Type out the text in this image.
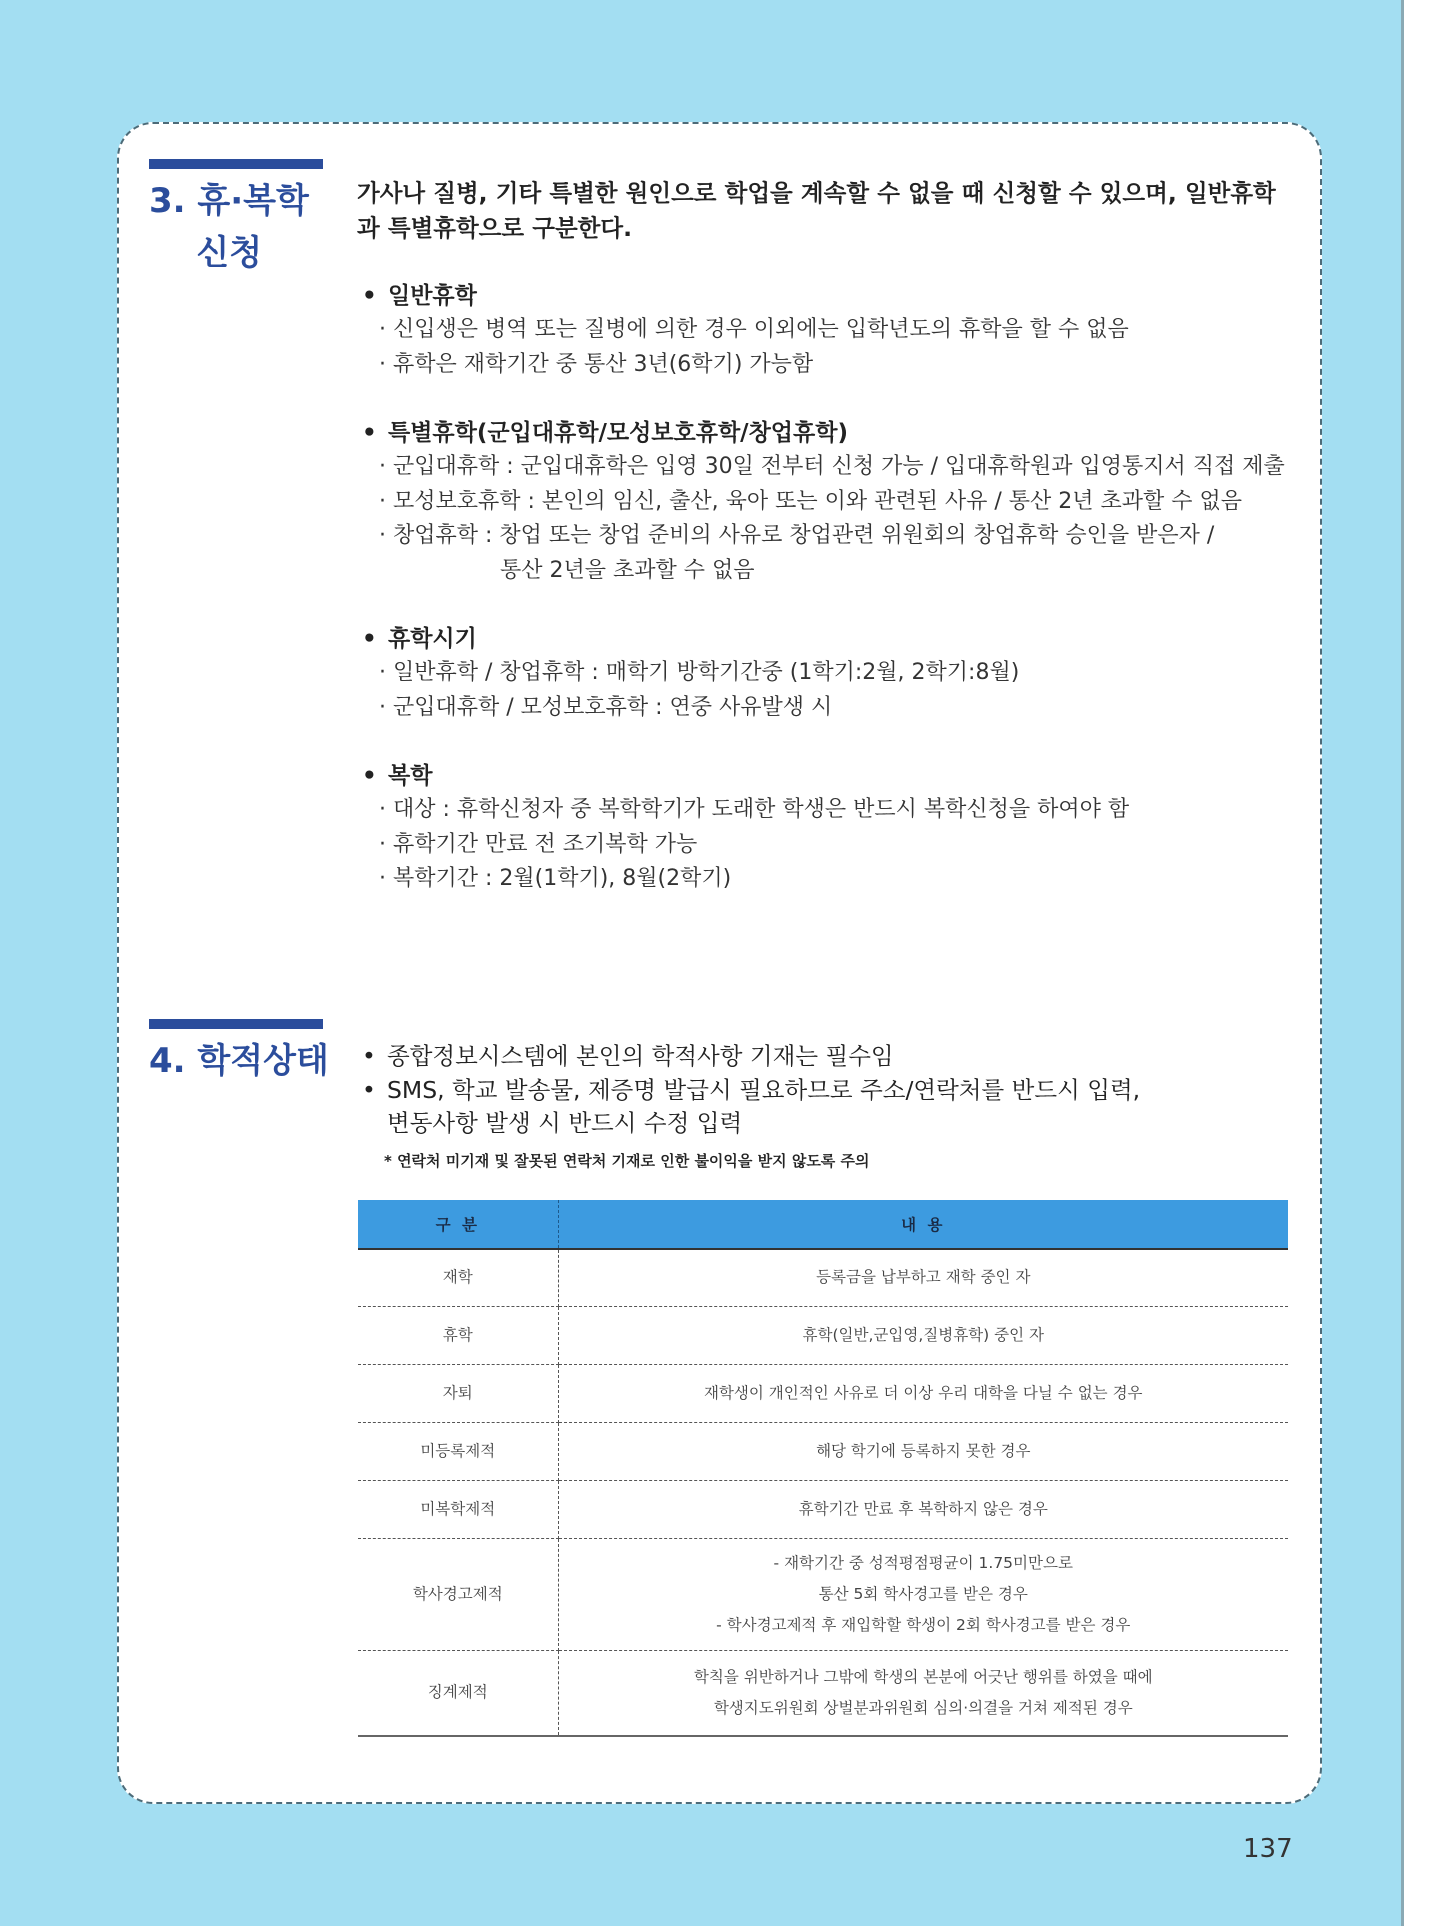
3. 휴·복학
신청
가사나 질병, 기타 특별한 원인으로 학업을 계속할 수 없을 때 신청할 수 있으며, 일반휴학과 특별휴학으로 구분한다.
• 일반휴학
· 신입생은 병역 또는 질병에 의한 경우 이외에는 입학년도의 휴학을 할 수 없음
· 휴학은 재학기간 중 통산 3년(6학기) 가능함
• 특별휴학(군입대휴학/모성보호휴학/창업휴학)
· 군입대휴학 : 군입대휴학은 입영 30일 전부터 신청 가능 / 입대휴학원과 입영통지서 직접 제출
· 모성보호휴학 : 본인의 임신, 출산, 육아 또는 이와 관련된 사유 / 통산 2년 초과할 수 없음
· 창업휴학 : 창업 또는 창업 준비의 사유로 창업관련 위원회의 창업휴학 승인을 받은자 /
통산 2년을 초과할 수 없음
• 휴학시기
· 일반휴학 / 창업휴학 : 매학기 방학기간중 (1학기:2월, 2학기:8월)
· 군입대휴학 / 모성보호휴학 : 연중 사유발생 시
• 복학
· 대상 : 휴학신청자 중 복학학기가 도래한 학생은 반드시 복학신청을 하여야 함
· 휴학기간 만료 전 조기복학 가능
· 복학기간 : 2월(1학기), 8월(2학기)
4. 학적상태 • 종합정보시스템에 본인의 학적사항 기재는 필수임
• SMS, 학교 발송물, 제증명 발급시 필요하므로 주소/연락처를 반드시 입력,
변동사항 발생 시 반드시 수정 입력
* 연락처 미기재 및 잘못된 연락처 기재로 인한 불이익을 받지 않도록 주의
구 분	내 용
재학	등록금을 납부하고 재학 중인 자

휴학	휴학(일반,군입영,질병휴학) 중인 자

자퇴	재학생이 개인적인 사유로 더 이상 우리 대학을 다닐 수 없는 경우

미등록제적	해당 학기에 등록하지 못한 경우

미복학제적	휴학기간 만료 후 복학하지 않은 경우

학사경고제적	- 재학기간 중 성적평점평균이 1.75미만으로
통산 5회 학사경고를 받은 경우
- 학사경고제적 후 재입학할 학생이 2회 학사경고를 받은 경우

징계제적	학칙을 위반하거나 그밖에 학생의 본분에 어긋난 행위를 하였을 때에
학생지도위원회 상벌분과위원회 심의·의결을 거쳐 제적된 경우
137
